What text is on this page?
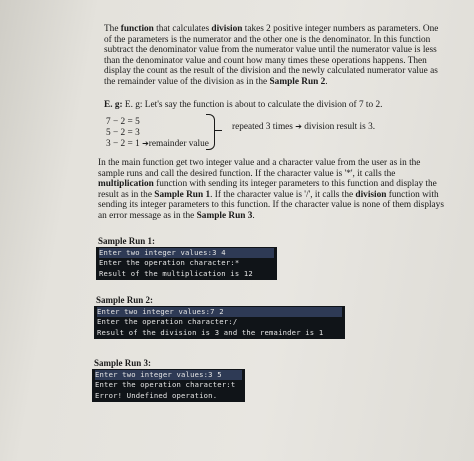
The function that calculates division takes 2 positive integer numbers as parameters. One of the parameters is the numerator and the other one is the denominator. In this function subtract the denominator value from the numerator value until the numerator value is less than the denominator value and count how many times these operations happens. Then display the count as the result of the division and the newly calculated numerator value as the remainder value of the division as in the Sample Run 2.

E. g: E. g: Let's say the function is about to calculate the division of 7 to 2.
7 − 2 = 5
5 − 2 = 3
3 − 2 = 1 ➔remainder value
repeated 3 times ➔ division result is 3.

In the main function get two integer value and a character value from the user as in the sample runs and call the desired function. If the character value is '*', it calls the multiplication function with sending its integer parameters to this function and display the result as in the Sample Run 1. If the character value is '/', it calls the division function with sending its integer parameters to this function. If the character value is none of them displays an error message as in the Sample Run 3.

Sample Run 1:
Enter two integer values:3 4
Enter the operation character:*
Result of the multiplication is 12
Sample Run 2:
Enter two integer values:7 2
Enter the operation character:/
Result of the division is 3 and the remainder is 1
Sample Run 3:
Enter two integer values:3 5
Enter the operation character:t
Error! Undefined operation.
